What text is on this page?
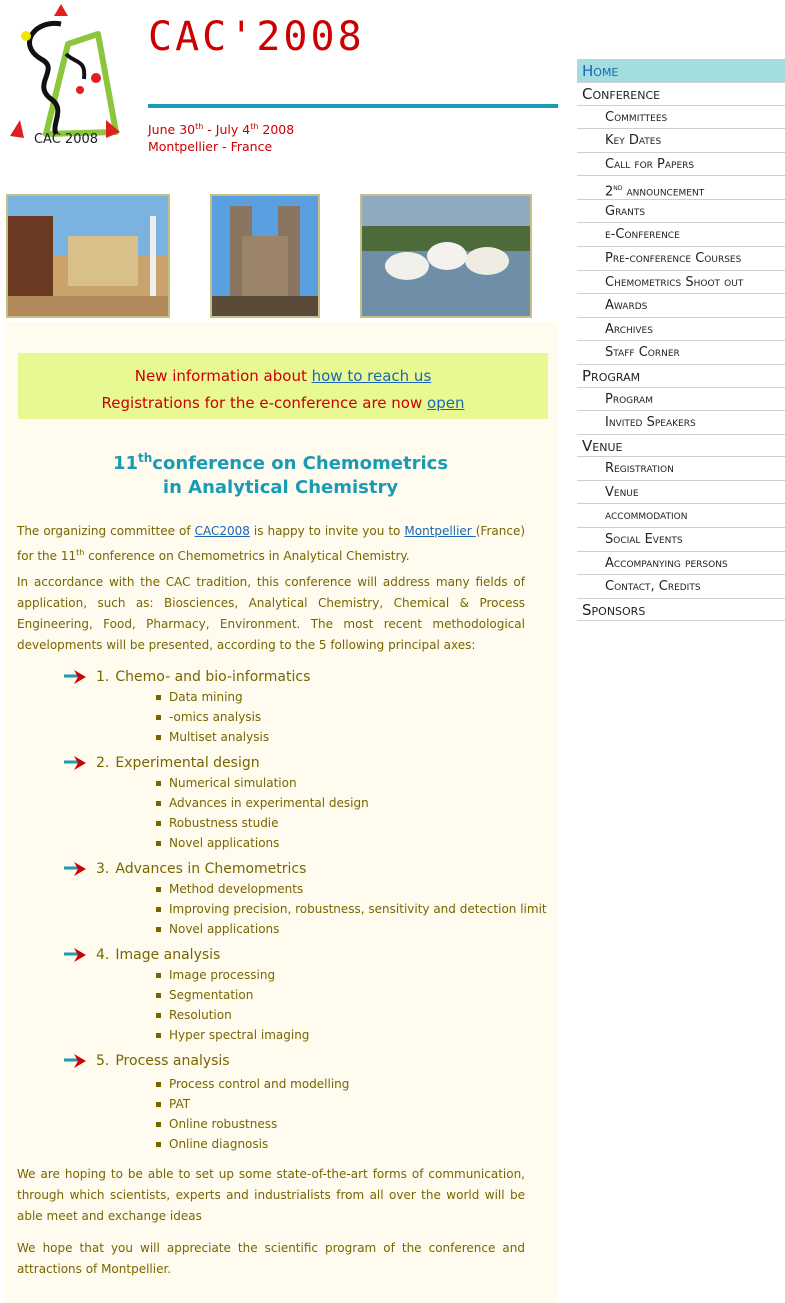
CAC 2008
CAC'2008
June 30th - July 4th 2008
Montpellier - France
New information about how to reach us
Registrations for the e-conference are now open
11thconference on Chemometrics
in Analytical Chemistry
The organizing committee of CAC2008 is happy to invite you to Montpellier (France) for the 11th conference on Chemometrics in Analytical Chemistry.
In accordance with the CAC tradition, this conference will address many fields of application, such as: Biosciences, Analytical Chemistry, Chemical & Process Engineering, Food, Pharmacy, Environment. The most recent methodological developments will be presented, according to the 5 following principal axes:
1. Chemo- and bio-informatics
Data mining
-omics analysis
Multiset analysis
2. Experimental design
Numerical simulation
Advances in experimental design
Robustness studie
Novel applications
3. Advances in Chemometrics
Method developments
Improving precision, robustness, sensitivity and detection limit
Novel applications
4. Image analysis
Image processing
Segmentation
Resolution
Hyper spectral imaging
5. Process analysis
Process control and modelling
PAT
Online robustness
Online diagnosis
We are hoping to be able to set up some state-of-the-art forms of communication, through which scientists, experts and industrialists from all over the world will be able meet and exchange ideas
We hope that you will appreciate the scientific program of the conference and attractions of Montpellier.
Home
Conference
Committees
Key Dates
Call for Papers
2nd announcement
Grants
e-Conference
Pre-conference Courses
Chemometrics Shoot out
Awards
Archives
Staff Corner
Program
Program
Invited Speakers
Venue
Registration
Venue
accommodation
Social Events
Accompanying persons
Contact, Credits
Sponsors
